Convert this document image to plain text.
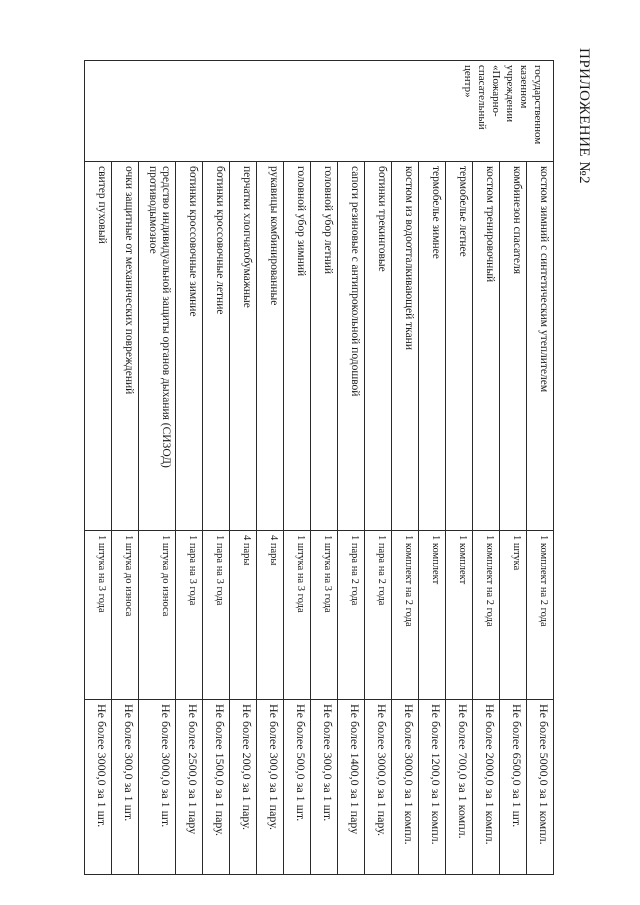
ПРИЛОЖЕНИЕ №2
государственном казенном
учреждении «Пожарно-
спасательный центр»	костюм зимний с синтетическим утеплителем	1 комплект на 2 года	Не более 5000,0 за 1 компл.
	комбинезон спасателя	1 штука	Не более 6500,0 за 1 шт.
	костюм тренировочный	1 комплект на 2 года	Не более 2000,0 за 1 компл.
	термобелье летнее	1 комплект	Не более 700,0 за 1 компл.
	термобелье зимнее	1 комплект	Не более 1200,0 за 1 компл.
	костюм из водоотталкивающей ткани	1 комплект на 2 года	Не более 3000,0 за 1 компл.
	ботинки трекинговые	1 пара на 2 года	Не более 3000,0 за 1 пару.
	сапоги резиновые с антипрокольной подошвой	1 пара на 2 года	Не более 1400,0 за 1 пару
	головной убор летний	1 штука на 3 года	Не более 300,0 за 1 шт.
	головной убор зимний	1 штука на 3 года	Не более 500,0 за 1 шт.
	рукавицы комбинированные	4 пары	Не более 300,0 за 1 пару.
	перчатки хлопчатобумажные	4 пары	Не более 200,0 за 1 пару.
	ботинки кроссовочные летние	1 пара на 3 года	Не более 1500,0 за 1 пару.
	ботинки кроссовочные зимние	1 пара на 3 года	Не более 2500,0 за 1 пару
	средство индивидуальной защиты органов дыхания (СИЗОД) противодымозное	1 штука до износа	Не более 3000,0 за 1 шт.
	очки защитные от механических повреждений	1 штука до износа	Не более 300,0 за 1 шт.
	свитер пуховый	1 штука на 3 года	Не более 3000,0 за 1 шт.
